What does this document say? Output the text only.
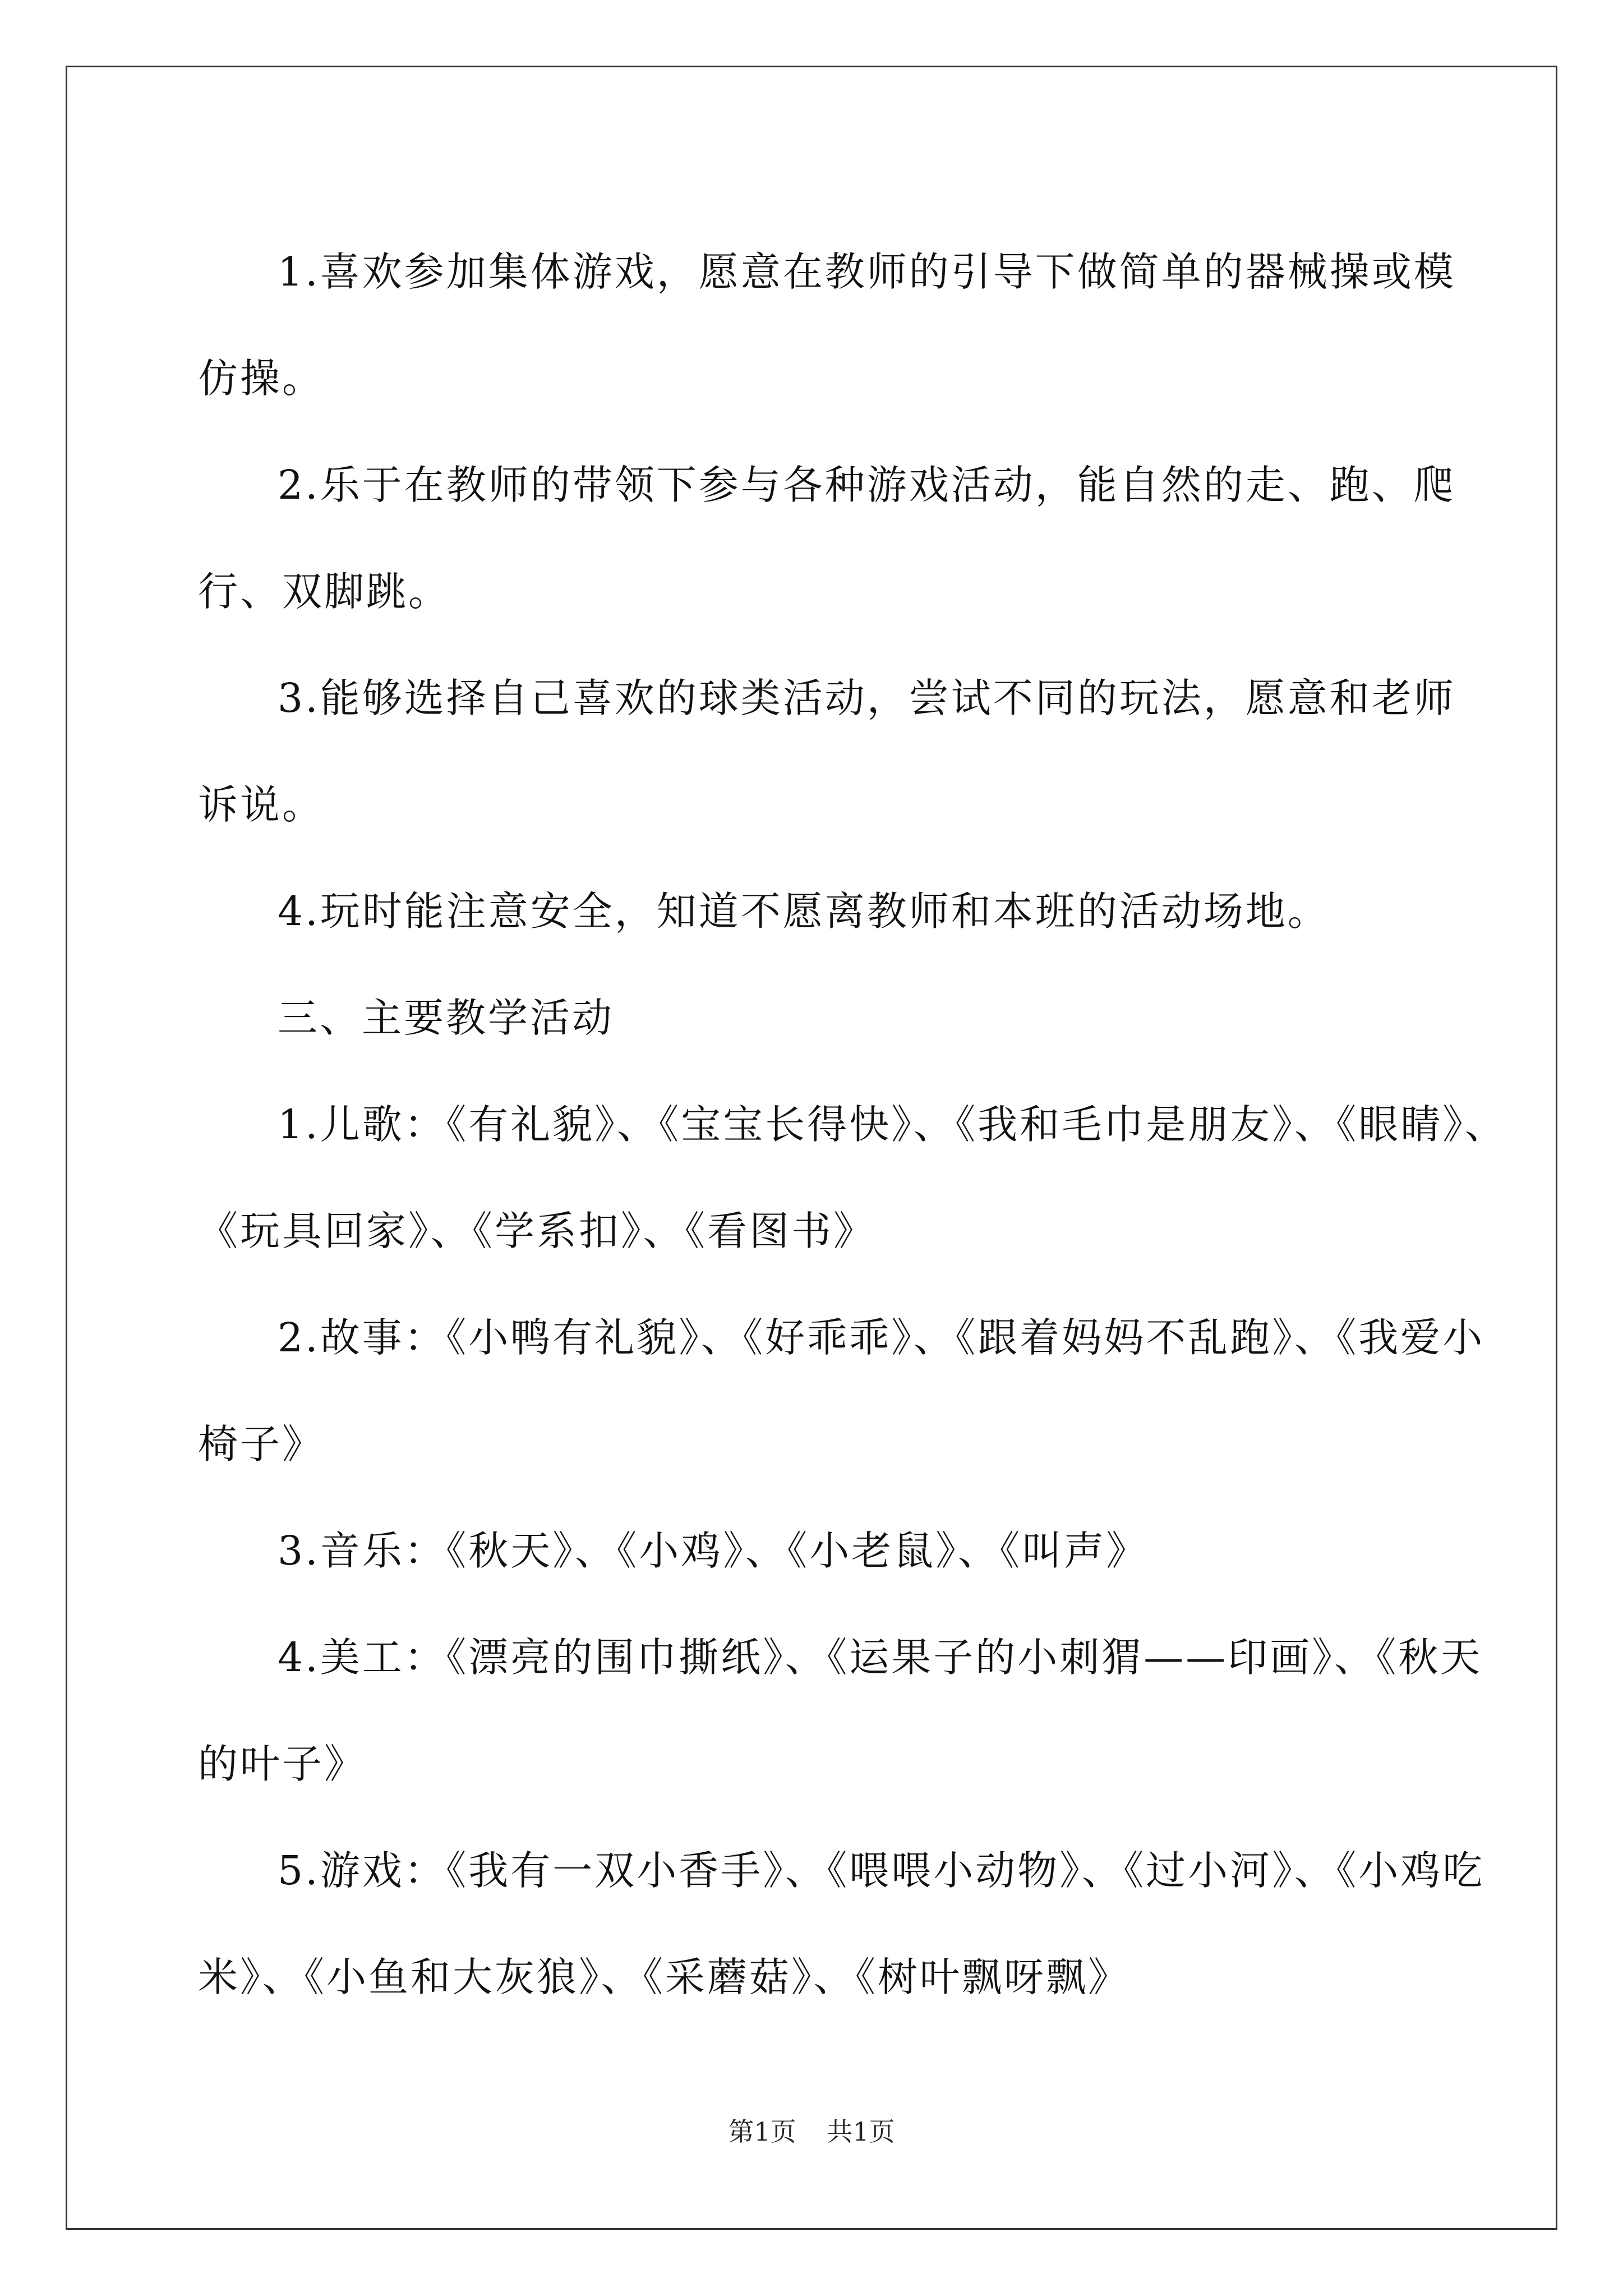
1.喜欢参加集体游戏，愿意在教师的引导下做简单的器械操或模仿操。

2.乐于在教师的带领下参与各种游戏活动，能自然的走、跑、爬行、双脚跳。

3.能够选择自己喜欢的球类活动，尝试不同的玩法，愿意和老师诉说。

4.玩时能注意安全，知道不愿离教师和本班的活动场地。

三、主要教学活动

1.儿歌：《有礼貌》、《宝宝长得快》、《我和毛巾是朋友》、《眼睛》、《玩具回家》、《学系扣》、《看图书》

2.故事：《小鸭有礼貌》、《好乖乖》、《跟着妈妈不乱跑》、《我爱小椅子》

3.音乐：《秋天》、《小鸡》、《小老鼠》、《叫声》

4.美工：《漂亮的围巾撕纸》、《运果子的小刺猬——印画》、《秋天的叶子》

5.游戏：《我有一双小香手》、《喂喂小动物》、《过小河》、《小鸡吃米》、《小鱼和大灰狼》、《采蘑菇》、《树叶飘呀飘》

第1页 共1页
